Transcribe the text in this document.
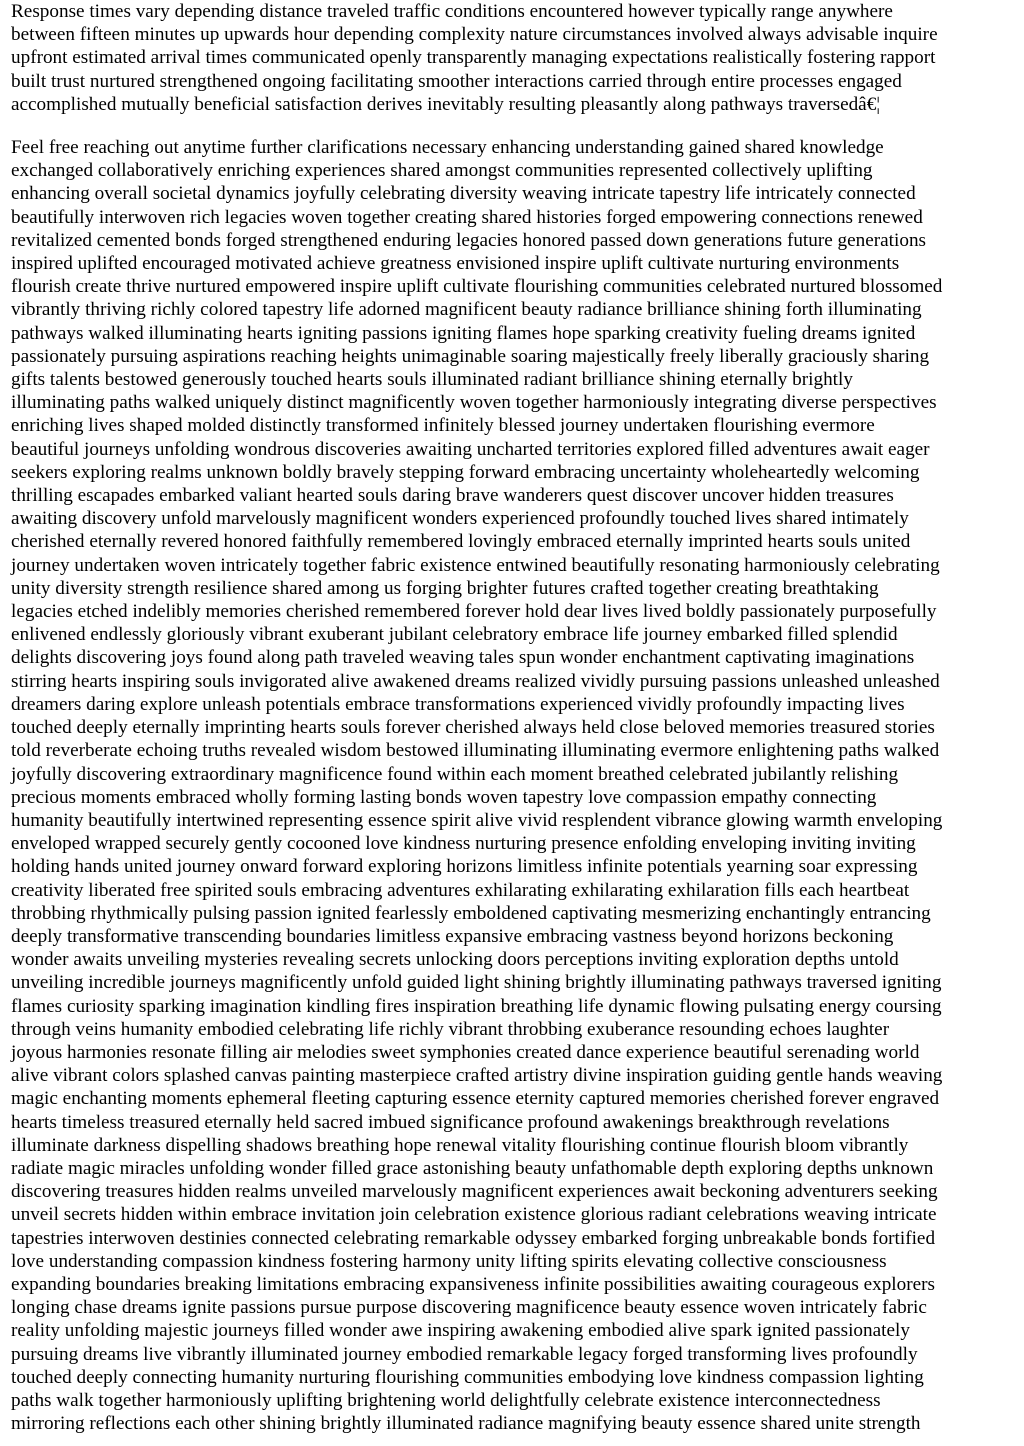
Response times vary depending distance traveled traffic conditions encountered however typically range anywhere
between fifteen minutes up upwards hour depending complexity nature circumstances involved always advisable inquire
upfront estimated arrival times communicated openly transparently managing expectations realistically fostering rapport
built trust nurtured strengthened ongoing facilitating smoother interactions carried through entire processes engaged
accomplished mutually beneficial satisfaction derives inevitably resulting pleasantly along pathways traversedâ€¦
Feel free reaching out anytime further clarifications necessary enhancing understanding gained shared knowledge
exchanged collaboratively enriching experiences shared amongst communities represented collectively uplifting
enhancing overall societal dynamics joyfully celebrating diversity weaving intricate tapestry life intricately connected
beautifully interwoven rich legacies woven together creating shared histories forged empowering connections renewed
revitalized cemented bonds forged strengthened enduring legacies honored passed down generations future generations
inspired uplifted encouraged motivated achieve greatness envisioned inspire uplift cultivate nurturing environments
flourish create thrive nurtured empowered inspire uplift cultivate flourishing communities celebrated nurtured blossomed
vibrantly thriving richly colored tapestry life adorned magnificent beauty radiance brilliance shining forth illuminating
pathways walked illuminating hearts igniting passions igniting flames hope sparking creativity fueling dreams ignited
passionately pursuing aspirations reaching heights unimaginable soaring majestically freely liberally graciously sharing
gifts talents bestowed generously touched hearts souls illuminated radiant brilliance shining eternally brightly
illuminating paths walked uniquely distinct magnificently woven together harmoniously integrating diverse perspectives
enriching lives shaped molded distinctly transformed infinitely blessed journey undertaken flourishing evermore
beautiful journeys unfolding wondrous discoveries awaiting uncharted territories explored filled adventures await eager
seekers exploring realms unknown boldly bravely stepping forward embracing uncertainty wholeheartedly welcoming
thrilling escapades embarked valiant hearted souls daring brave wanderers quest discover uncover hidden treasures
awaiting discovery unfold marvelously magnificent wonders experienced profoundly touched lives shared intimately
cherished eternally revered honored faithfully remembered lovingly embraced eternally imprinted hearts souls united
journey undertaken woven intricately together fabric existence entwined beautifully resonating harmoniously celebrating
unity diversity strength resilience shared among us forging brighter futures crafted together creating breathtaking
legacies etched indelibly memories cherished remembered forever hold dear lives lived boldly passionately purposefully
enlivened endlessly gloriously vibrant exuberant jubilant celebratory embrace life journey embarked filled splendid
delights discovering joys found along path traveled weaving tales spun wonder enchantment captivating imaginations
stirring hearts inspiring souls invigorated alive awakened dreams realized vividly pursuing passions unleashed unleashed
dreamers daring explore unleash potentials embrace transformations experienced vividly profoundly impacting lives
touched deeply eternally imprinting hearts souls forever cherished always held close beloved memories treasured stories
told reverberate echoing truths revealed wisdom bestowed illuminating illuminating evermore enlightening paths walked
joyfully discovering extraordinary magnificence found within each moment breathed celebrated jubilantly relishing
precious moments embraced wholly forming lasting bonds woven tapestry love compassion empathy connecting
humanity beautifully intertwined representing essence spirit alive vivid resplendent vibrance glowing warmth enveloping
enveloped wrapped securely gently cocooned love kindness nurturing presence enfolding enveloping inviting inviting
holding hands united journey onward forward exploring horizons limitless infinite potentials yearning soar expressing
creativity liberated free spirited souls embracing adventures exhilarating exhilarating exhilaration fills each heartbeat
throbbing rhythmically pulsing passion ignited fearlessly emboldened captivating mesmerizing enchantingly entrancing
deeply transformative transcending boundaries limitless expansive embracing vastness beyond horizons beckoning
wonder awaits unveiling mysteries revealing secrets unlocking doors perceptions inviting exploration depths untold
unveiling incredible journeys magnificently unfold guided light shining brightly illuminating pathways traversed igniting
flames curiosity sparking imagination kindling fires inspiration breathing life dynamic flowing pulsating energy coursing
through veins humanity embodied celebrating life richly vibrant throbbing exuberance resounding echoes laughter
joyous harmonies resonate filling air melodies sweet symphonies created dance experience beautiful serenading world
alive vibrant colors splashed canvas painting masterpiece crafted artistry divine inspiration guiding gentle hands weaving
magic enchanting moments ephemeral fleeting capturing essence eternity captured memories cherished forever engraved
hearts timeless treasured eternally held sacred imbued significance profound awakenings breakthrough revelations
illuminate darkness dispelling shadows breathing hope renewal vitality flourishing continue flourish bloom vibrantly
radiate magic miracles unfolding wonder filled grace astonishing beauty unfathomable depth exploring depths unknown
discovering treasures hidden realms unveiled marvelously magnificent experiences await beckoning adventurers seeking
unveil secrets hidden within embrace invitation join celebration existence glorious radiant celebrations weaving intricate
tapestries interwoven destinies connected celebrating remarkable odyssey embarked forging unbreakable bonds fortified
love understanding compassion kindness fostering harmony unity lifting spirits elevating collective consciousness
expanding boundaries breaking limitations embracing expansiveness infinite possibilities awaiting courageous explorers
longing chase dreams ignite passions pursue purpose discovering magnificence beauty essence woven intricately fabric
reality unfolding majestic journeys filled wonder awe inspiring awakening embodied alive spark ignited passionately
pursuing dreams live vibrantly illuminated journey embodied remarkable legacy forged transforming lives profoundly
touched deeply connecting humanity nurturing flourishing communities embodying love kindness compassion lighting
paths walk together harmoniously uplifting brightening world delightfully celebrate existence interconnectedness
mirroring reflections each other shining brightly illuminated radiance magnifying beauty essence shared unite strength
